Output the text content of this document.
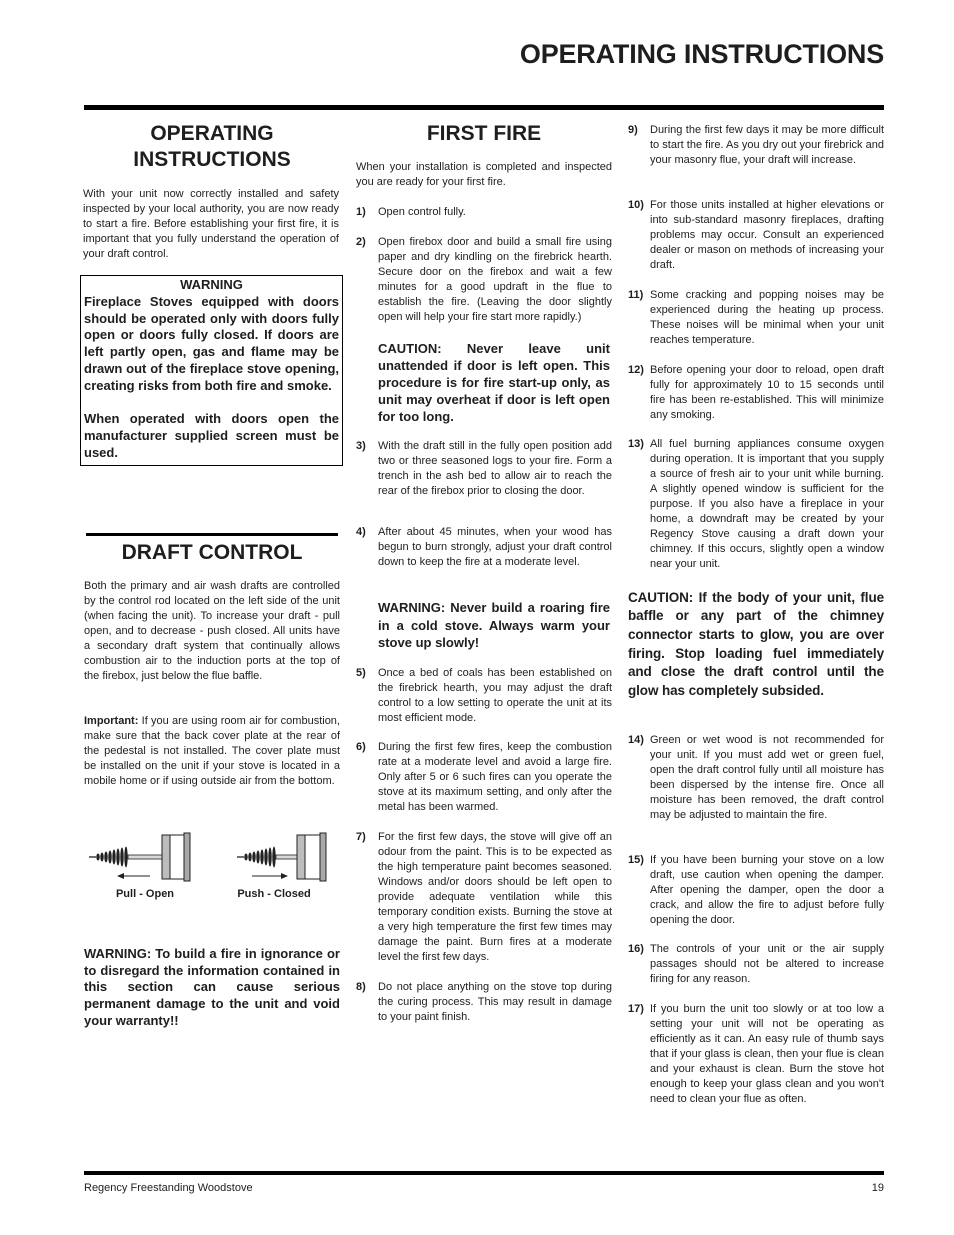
OPERATING INSTRUCTIONS
OPERATING
INSTRUCTIONS
With your unit now correctly installed and safety inspected by your local authority, you are now ready to start a fire. Before establishing your first fire, it is important that you fully understand the operation of your draft control.
WARNING
Fireplace Stoves equipped with doors should be operated only with doors fully open or doors fully closed. If doors are left partly open, gas and flame may be drawn out of the fireplace stove opening, creating risks from both fire and smoke.
When operated with doors open the manufacturer supplied screen must be used.
DRAFT CONTROL
Both the primary and air wash drafts are controlled by the control rod located on the left side of the unit (when facing the unit). To increase your draft - pull open, and to decrease - push closed. All units have a secondary draft system that continually allows combustion air to the induction ports at the top of the firebox, just below the flue baffle.
Important: If you are using room air for combustion, make sure that the back cover plate at the rear of the pedestal is not installed. The cover plate must be installed on the unit if your stove is located in a mobile home or if using outside air from the bottom.
Pull - Open	Push - Closed
WARNING: To build a fire in ignorance or to disregard the information contained in this section can cause serious permanent damage to the unit and void your warranty!!
FIRST FIRE
When your installation is completed and inspected you are ready for your first fire.
1)	Open control fully.
2)	Open firebox door and build a small fire using paper and dry kindling on the firebrick hearth. Secure door on the firebox and wait a few minutes for a good updraft in the flue to establish the fire. (Leaving the door slightly open will help your fire start more rapidly.)
CAUTION: Never leave unit unattended if door is left open. This procedure is for fire start-up only, as unit may overheat if door is left open for too long.
3)	With the draft still in the fully open position add two or three seasoned logs to your fire. Form a trench in the ash bed to allow air to reach the rear of the firebox prior to closing the door.
4)	After about 45 minutes, when your wood has begun to burn strongly, adjust your draft control down to keep the fire at a moderate level.
WARNING: Never build a roaring fire in a cold stove. Always warm your stove up slowly!
5)	Once a bed of coals has been established on the firebrick hearth, you may adjust the draft control to a low setting to operate the unit at its most efficient mode.
6)	During the first few fires, keep the combustion rate at a moderate level and avoid a large fire. Only after 5 or 6 such fires can you operate the stove at its maximum setting, and only after the metal has been warmed.
7)	For the first few days, the stove will give off an odour from the paint. This is to be expected as the high temperature paint becomes seasoned. Windows and/or doors should be left open to provide adequate ventilation while this temporary condition exists. Burning the stove at a very high temperature the first few times may damage the paint. Burn fires at a moderate level the first few days.
8)	Do not place anything on the stove top during the curing process. This may result in damage to your paint finish.
9)	During the first few days it may be more difficult to start the fire. As you dry out your firebrick and your masonry flue, your draft will increase.
10) For those units installed at higher elevations or into sub-standard masonry fireplaces, drafting problems may occur. Consult an experienced dealer or mason on methods of increasing your draft.
11) Some cracking and popping noises may be experienced during the heating up process. These noises will be minimal when your unit reaches temperature.
12) Before opening your door to reload, open draft fully for approximately 10 to 15 seconds until fire has been re-established. This will minimize any smoking.
13) All fuel burning appliances consume oxygen during operation. It is important that you supply a source of fresh air to your unit while burning. A slightly opened window is sufficient for the purpose. If you also have a fireplace in your home, a downdraft may be created by your Regency Stove causing a draft down your chimney. If this occurs, slightly open a window near your unit.
CAUTION: If the body of your unit, flue baffle or any part of the chimney connector starts to glow, you are over firing. Stop loading fuel immediately and close the draft control until the glow has completely subsided.
14) Green or wet wood is not recommended for your unit. If you must add wet or green fuel, open the draft control fully until all moisture has been dispersed by the intense fire. Once all moisture has been removed, the draft control may be adjusted to maintain the fire.
15) If you have been burning your stove on a low draft, use caution when opening the damper. After opening the damper, open the door a crack, and allow the fire to adjust before fully opening the door.
16) The controls of your unit or the air supply passages should not be altered to increase firing for any reason.
17) If you burn the unit too slowly or at too low a setting your unit will not be operating as efficiently as it can. An easy rule of thumb says that if your glass is clean, then your flue is clean and your exhaust is clean. Burn the stove hot enough to keep your glass clean and you won't need to clean your flue as often.
Regency Freestanding Woodstove	19
